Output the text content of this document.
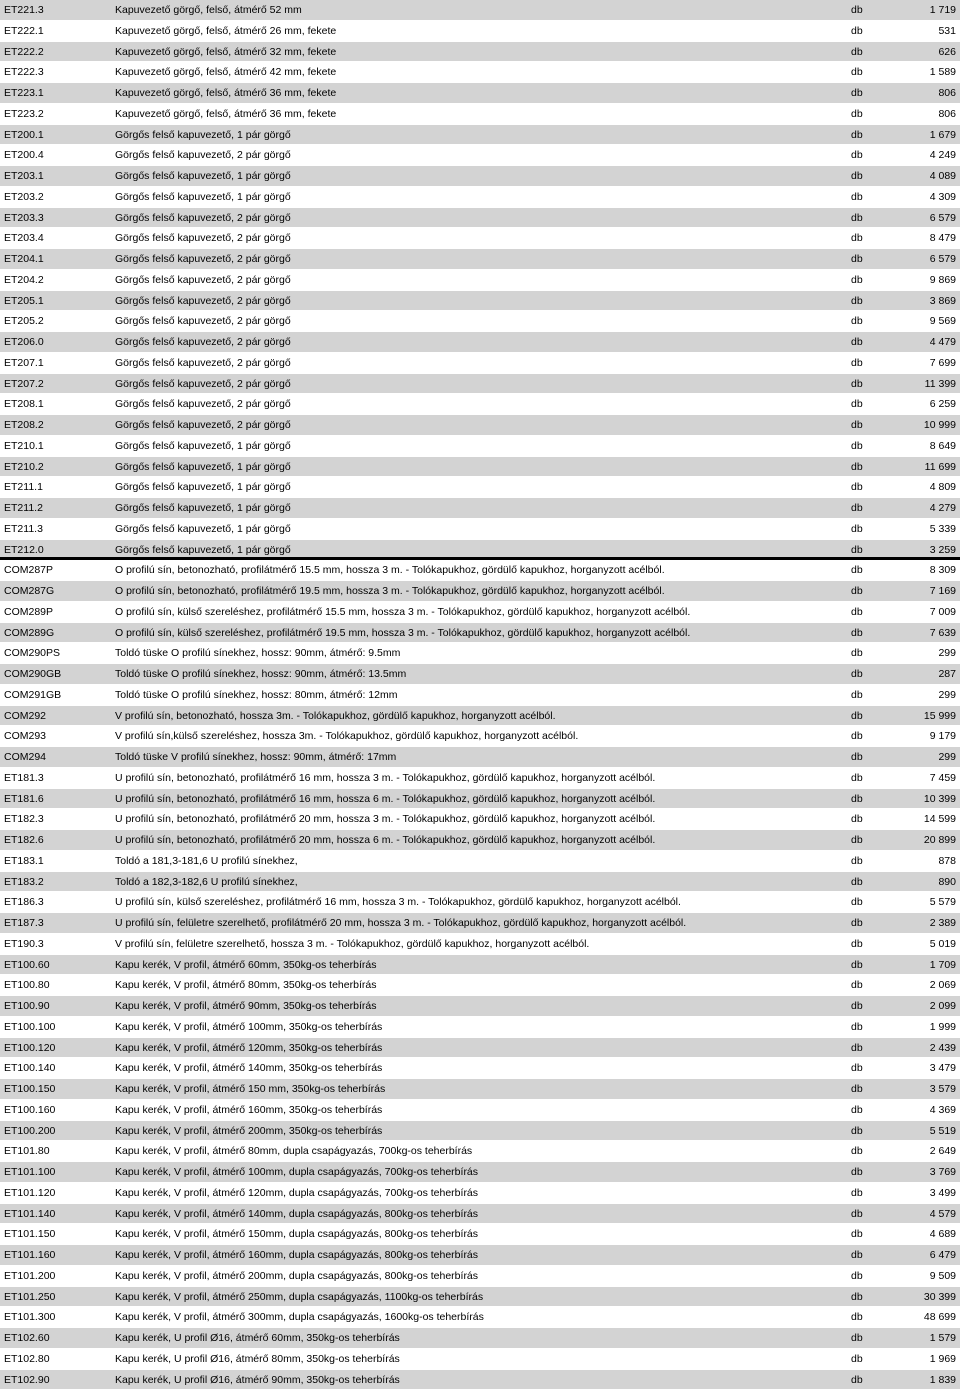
ET221.3	Kapuvezető görgő, felső, átmérő 52 mm	db	1 719
ET222.1	Kapuvezető görgő, felső, átmérő 26 mm, fekete	db	531
ET222.2	Kapuvezető görgő, felső, átmérő 32 mm, fekete	db	626
ET222.3	Kapuvezető görgő, felső, átmérő 42 mm, fekete	db	1 589
ET223.1	Kapuvezető görgő, felső, átmérő 36 mm, fekete	db	806
ET223.2	Kapuvezető görgő, felső, átmérő 36 mm, fekete	db	806
ET200.1	Görgős felső kapuvezető, 1 pár görgő	db	1 679
ET200.4	Görgős felső kapuvezető, 2 pár görgő	db	4 249
ET203.1	Görgős felső kapuvezető, 1 pár görgő	db	4 089
ET203.2	Görgős felső kapuvezető, 1 pár görgő	db	4 309
ET203.3	Görgős felső kapuvezető, 2 pár görgő	db	6 579
ET203.4	Görgős felső kapuvezető, 2 pár görgő	db	8 479
ET204.1	Görgős felső kapuvezető, 2 pár görgő	db	6 579
ET204.2	Görgős felső kapuvezető, 2 pár görgő	db	9 869
ET205.1	Görgős felső kapuvezető, 2 pár görgő	db	3 869
ET205.2	Görgős felső kapuvezető, 2 pár görgő	db	9 569
ET206.0	Görgős felső kapuvezető, 2 pár görgő	db	4 479
ET207.1	Görgős felső kapuvezető, 2 pár görgő	db	7 699
ET207.2	Görgős felső kapuvezető, 2 pár görgő	db	11 399
ET208.1	Görgős felső kapuvezető, 2 pár görgő	db	6 259
ET208.2	Görgős felső kapuvezető, 2 pár görgő	db	10 999
ET210.1	Görgős felső kapuvezető, 1 pár görgő	db	8 649
ET210.2	Görgős felső kapuvezető, 1 pár görgő	db	11 699
ET211.1	Görgős felső kapuvezető, 1 pár görgő	db	4 809
ET211.2	Görgős felső kapuvezető, 1 pár görgő	db	4 279
ET211.3	Görgős felső kapuvezető, 1 pár görgő	db	5 339
ET212.0	Görgős felső kapuvezető, 1 pár görgő	db	3 259
COM287P	O profilú sín, betonozható, profilátmérő 15.5 mm, hossza 3 m. - Tolókapukhoz, gördülő kapukhoz, horganyzott acélból.	db	8 309
COM287G	O profilú sín, betonozható, profilátmérő 19.5 mm, hossza 3 m. - Tolókapukhoz, gördülő kapukhoz, horganyzott acélból.	db	7 169
COM289P	O profilú sín, külső szereléshez, profilátmérő 15.5 mm, hossza 3 m. - Tolókapukhoz, gördülő kapukhoz, horganyzott acélból.	db	7 009
COM289G	O profilú sín, külső szereléshez, profilátmérő 19.5 mm, hossza 3 m. - Tolókapukhoz, gördülő kapukhoz, horganyzott acélból.	db	7 639
COM290PS	Toldó tüske O profilú sínekhez, hossz: 90mm, átmérő: 9.5mm	db	299
COM290GB	Toldó tüske O profilú sínekhez, hossz: 90mm, átmérő: 13.5mm	db	287
COM291GB	Toldó tüske O profilú sínekhez, hossz: 80mm, átmérő: 12mm	db	299
COM292	V profilú sín, betonozható, hossza 3m. - Tolókapukhoz, gördülő kapukhoz, horganyzott acélból.	db	15 999
COM293	V profilú sín,külső szereléshez, hossza 3m. - Tolókapukhoz, gördülő kapukhoz, horganyzott acélból.	db	9 179
COM294	Toldó tüske V profilú sínekhez, hossz: 90mm, átmérő: 17mm	db	299
ET181.3	U profilú sín, betonozható, profilátmérő 16 mm, hossza 3 m. - Tolókapukhoz, gördülő kapukhoz, horganyzott acélból.	db	7 459
ET181.6	U profilú sín, betonozható, profilátmérő 16 mm, hossza 6 m. - Tolókapukhoz, gördülő kapukhoz, horganyzott acélból.	db	10 399
ET182.3	U profilú sín, betonozható, profilátmérő 20 mm, hossza 3 m. - Tolókapukhoz, gördülő kapukhoz, horganyzott acélból.	db	14 599
ET182.6	U profilú sín, betonozható, profilátmérő 20 mm, hossza 6 m. - Tolókapukhoz, gördülő kapukhoz, horganyzott acélból.	db	20 899
ET183.1	Toldó a 181,3-181,6 U profilú sínekhez,	db	878
ET183.2	Toldó a 182,3-182,6 U profilú sínekhez,	db	890
ET186.3	U profilú sín, külső szereléshez, profilátmérő 16 mm, hossza 3 m. - Tolókapukhoz, gördülő kapukhoz, horganyzott acélból.	db	5 579
ET187.3	U profilú sín, felületre szerelhető, profilátmérő 20 mm, hossza 3 m. - Tolókapukhoz, gördülő kapukhoz, horganyzott acélból.	db	2 389
ET190.3	V profilú sín, felületre szerelhető, hossza 3 m. - Tolókapukhoz, gördülő kapukhoz, horganyzott acélból.	db	5 019
ET100.60	Kapu kerék, V profil, átmérő 60mm, 350kg-os teherbírás	db	1 709
ET100.80	Kapu kerék, V profil, átmérő 80mm, 350kg-os teherbírás	db	2 069
ET100.90	Kapu kerék, V profil, átmérő 90mm, 350kg-os teherbírás	db	2 099
ET100.100	Kapu kerék, V profil, átmérő 100mm, 350kg-os teherbírás	db	1 999
ET100.120	Kapu kerék, V profil, átmérő 120mm, 350kg-os teherbírás	db	2 439
ET100.140	Kapu kerék, V profil, átmérő 140mm, 350kg-os teherbírás	db	3 479
ET100.150	Kapu kerék, V profil, átmérő 150 mm, 350kg-os teherbírás	db	3 579
ET100.160	Kapu kerék, V profil, átmérő 160mm, 350kg-os teherbírás	db	4 369
ET100.200	Kapu kerék, V profil, átmérő 200mm, 350kg-os teherbírás	db	5 519
ET101.80	Kapu kerék, V profil, átmérő 80mm, dupla csapágyazás, 700kg-os teherbírás	db	2 649
ET101.100	Kapu kerék, V profil, átmérő 100mm, dupla csapágyazás, 700kg-os teherbírás	db	3 769
ET101.120	Kapu kerék, V profil, átmérő 120mm, dupla csapágyazás, 700kg-os teherbírás	db	3 499
ET101.140	Kapu kerék, V profil, átmérő 140mm, dupla csapágyazás, 800kg-os teherbírás	db	4 579
ET101.150	Kapu kerék, V profil, átmérő 150mm, dupla csapágyazás, 800kg-os teherbírás	db	4 689
ET101.160	Kapu kerék, V profil, átmérő 160mm, dupla csapágyazás, 800kg-os teherbírás	db	6 479
ET101.200	Kapu kerék, V profil, átmérő 200mm, dupla csapágyazás, 800kg-os teherbírás	db	9 509
ET101.250	Kapu kerék, V profil, átmérő 250mm, dupla csapágyazás, 1100kg-os teherbírás	db	30 399
ET101.300	Kapu kerék, V profil, átmérő 300mm, dupla csapágyazás, 1600kg-os teherbírás	db	48 699
ET102.60	Kapu kerék, U profil Ø16, átmérő 60mm, 350kg-os teherbírás	db	1 579
ET102.80	Kapu kerék, U profil Ø16, átmérő 80mm, 350kg-os teherbírás	db	1 969
ET102.90	Kapu kerék, U profil Ø16, átmérő 90mm, 350kg-os teherbírás	db	1 839
